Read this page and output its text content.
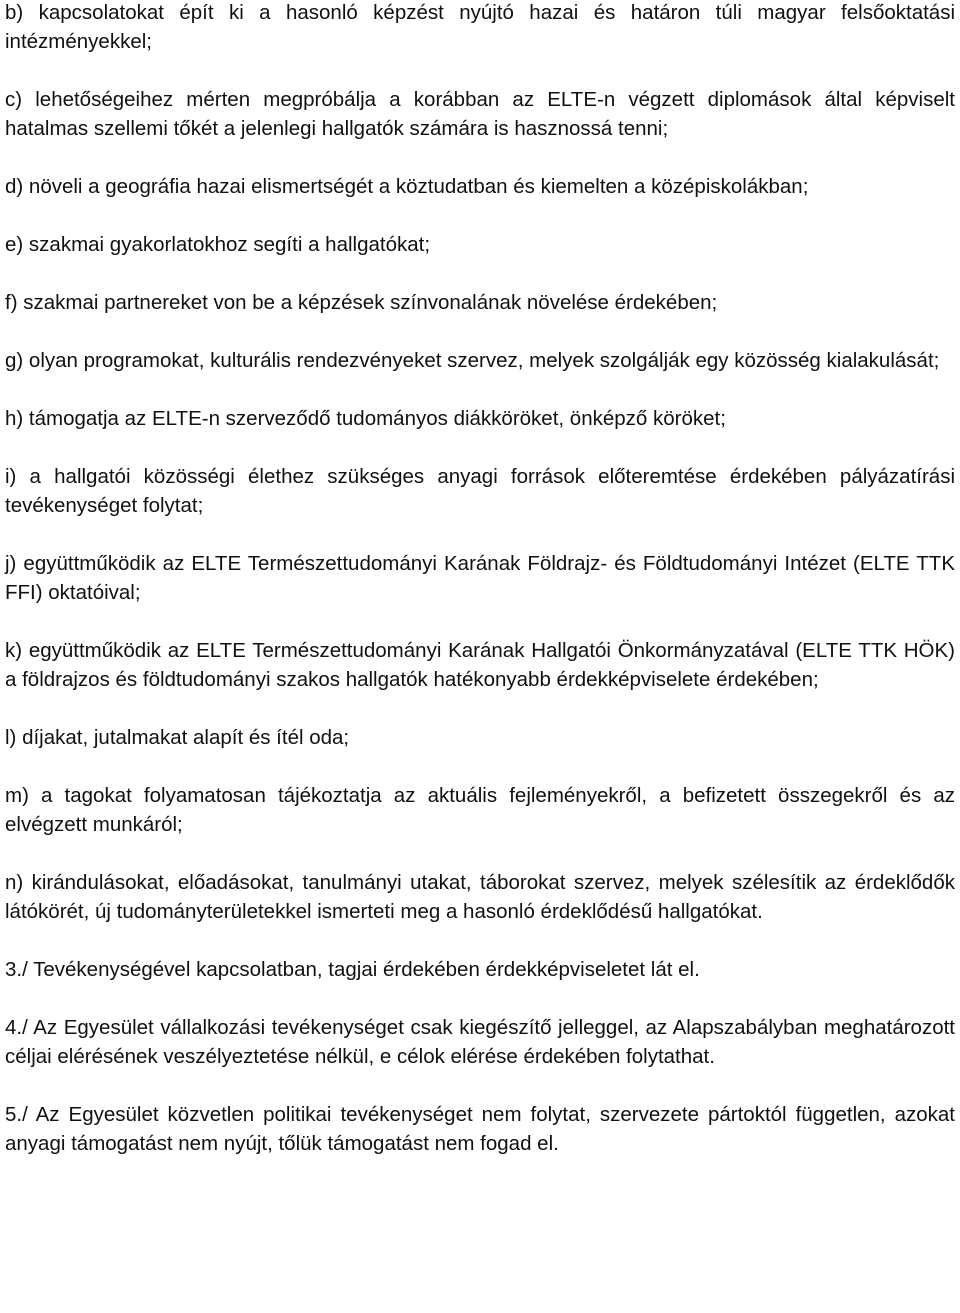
b) kapcsolatokat épít ki a hasonló képzést nyújtó hazai és határon túli magyar felsőoktatási intézményekkel;

c) lehetőségeihez mérten megpróbálja a korábban az ELTE-n végzett diplomások által képviselt hatalmas szellemi tőkét a jelenlegi hallgatók számára is hasznossá tenni;

d) növeli a geográfia hazai elismertségét a köztudatban és kiemelten a középiskolákban;

e) szakmai gyakorlatokhoz segíti a hallgatókat;

f) szakmai partnereket von be a képzések színvonalának növelése érdekében;

g) olyan programokat, kulturális rendezvényeket szervez, melyek szolgálják egy közösség kialakulását;

h) támogatja az ELTE-n szerveződő tudományos diákköröket, önképző köröket;

i) a hallgatói közösségi élethez szükséges anyagi források előteremtése érdekében pályázatírási tevékenységet folytat;

j) együttműködik az ELTE Természettudományi Karának Földrajz- és Földtudományi Intézet (ELTE TTK FFI) oktatóival;

k) együttműködik az ELTE Természettudományi Karának Hallgatói Önkormányzatával (ELTE TTK HÖK) a földrajzos és földtudományi szakos hallgatók hatékonyabb érdekképviselete érdekében;

l) díjakat, jutalmakat alapít és ítél oda;

m) a tagokat folyamatosan tájékoztatja az aktuális fejleményekről, a befizetett összegekről és az elvégzett munkáról;

n) kirándulásokat, előadásokat, tanulmányi utakat, táborokat szervez, melyek szélesítik az érdeklődők látókörét, új tudományterületekkel ismerteti meg a hasonló érdeklődésű hallgatókat.

3./ Tevékenységével kapcsolatban, tagjai érdekében érdekképviseletet lát el.

4./ Az Egyesület vállalkozási tevékenységet csak kiegészítő jelleggel, az Alapszabályban meghatározott céljai elérésének veszélyeztetése nélkül, e célok elérése érdekében folytathat.

5./ Az Egyesület közvetlen politikai tevékenységet nem folytat, szervezete pártoktól független, azokat anyagi támogatást nem nyújt, tőlük támogatást nem fogad el.
